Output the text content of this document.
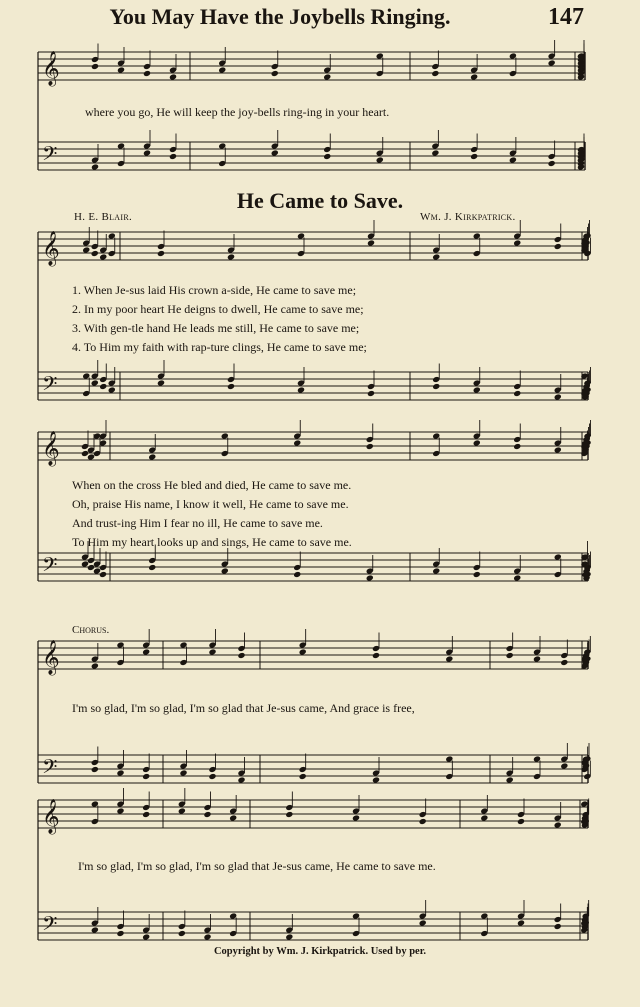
You May Have the Joybells Ringing.	147
He Came to Save.
H. E. Blair.	Wm. J. Kirkpatrick.
Chorus.
where you go, He will keep the joy-bells ring-ing in your heart.
1. When Je-sus laid His crown a-side, He came to save me;
2. In my poor heart He deigns to dwell, He came to save me;
3. With gen-tle hand He leads me still, He came to save me;
4. To Him my faith with rap-ture clings, He came to save me;
When on the cross He bled and died, He came to save me.
Oh, praise His name, I know it well, He came to save me.
And trust-ing Him I fear no ill, He came to save me.
To Him my heart looks up and sings, He came to save me.
I'm so glad, I'm so glad, I'm so glad that Je-sus came, And grace is free,
I'm so glad, I'm so glad, I'm so glad that Je-sus came, He came to save me.
Copyright by Wm. J. Kirkpatrick. Used by per.
𝄞
𝄢
𝄞
𝄢
𝄞
𝄢
𝄞
𝄢
𝄞
𝄢
